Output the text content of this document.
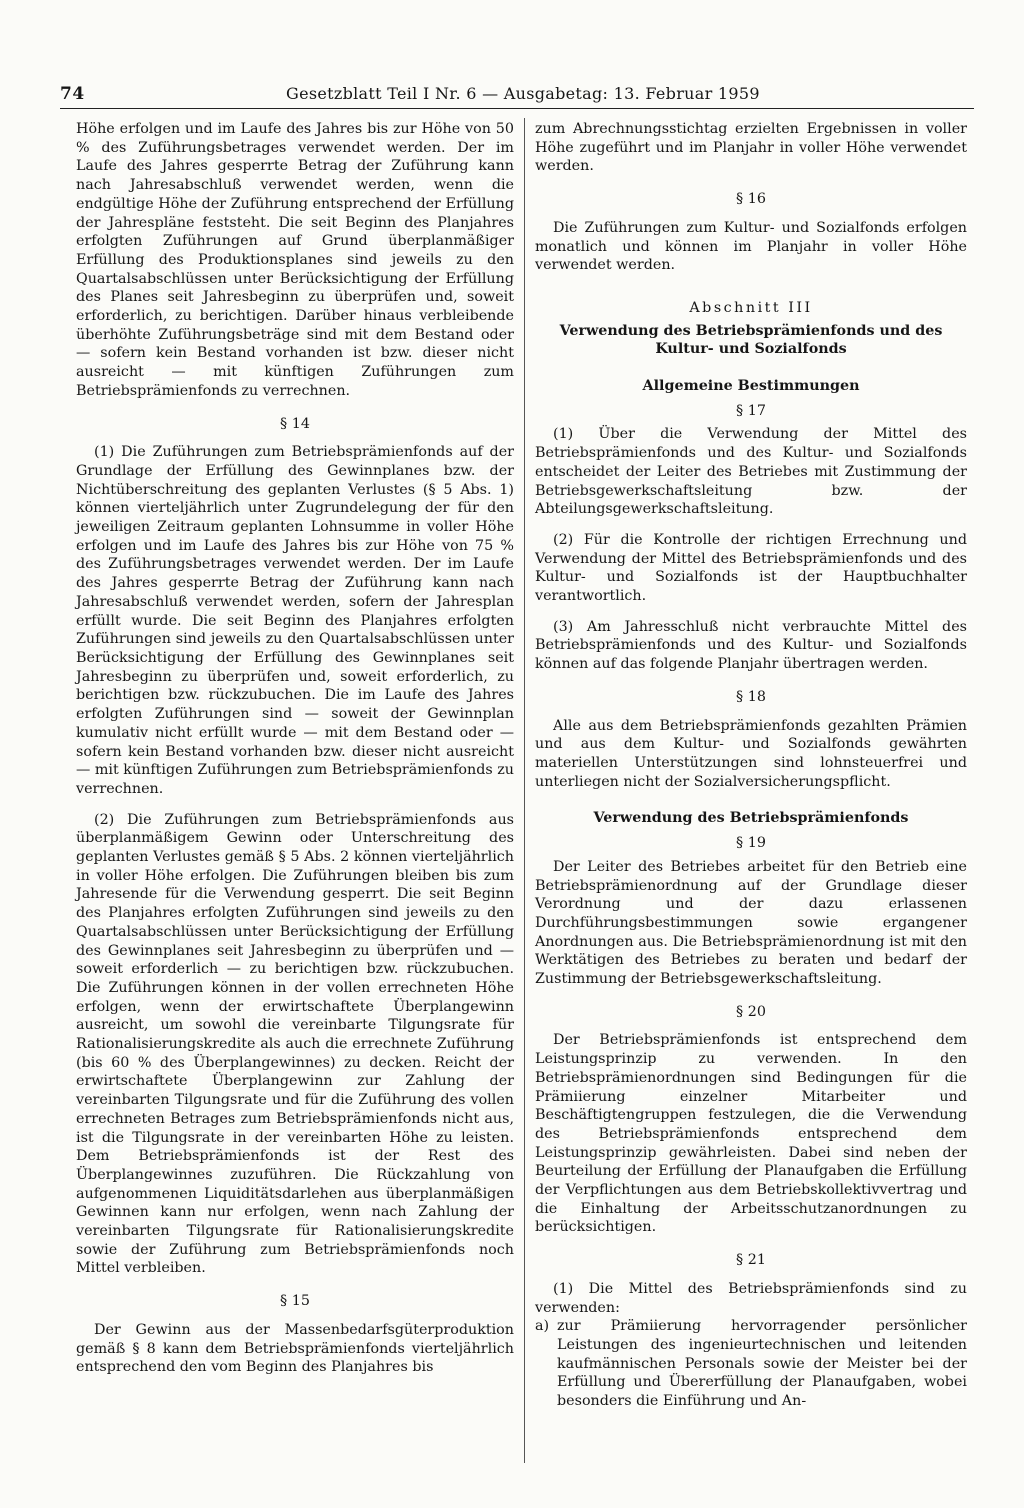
74	Gesetzblatt Teil I Nr. 6 — Ausgabetag: 13. Februar 1959

Höhe erfolgen und im Laufe des Jahres bis zur Höhe von 50 % des Zuführungsbetrages verwendet werden. Der im Laufe des Jahres gesperrte Betrag der Zuführung kann nach Jahresabschluß verwendet werden, wenn die endgültige Höhe der Zuführung entsprechend der Erfüllung der Jahrespläne feststeht. Die seit Beginn des Planjahres erfolgten Zuführungen auf Grund überplanmäßiger Erfüllung des Produktionsplanes sind jeweils zu den Quartalsabschlüssen unter Berücksichtigung der Erfüllung des Planes seit Jahresbeginn zu überprüfen und, soweit erforderlich, zu berichtigen. Darüber hinaus verbleibende überhöhte Zuführungsbeträge sind mit dem Bestand oder — sofern kein Bestand vorhanden ist bzw. dieser nicht ausreicht — mit künftigen Zuführungen zum Betriebsprämienfonds zu verrechnen.

§ 14

(1) Die Zuführungen zum Betriebsprämienfonds auf der Grundlage der Erfüllung des Gewinnplanes bzw. der Nichtüberschreitung des geplanten Verlustes (§ 5 Abs. 1) können vierteljährlich unter Zugrundelegung der für den jeweiligen Zeitraum geplanten Lohnsumme in voller Höhe erfolgen und im Laufe des Jahres bis zur Höhe von 75 % des Zuführungsbetrages verwendet werden. Der im Laufe des Jahres gesperrte Betrag der Zuführung kann nach Jahresabschluß verwendet werden, sofern der Jahresplan erfüllt wurde. Die seit Beginn des Planjahres erfolgten Zuführungen sind jeweils zu den Quartalsabschlüssen unter Berücksichtigung der Erfüllung des Gewinnplanes seit Jahresbeginn zu überprüfen und, soweit erforderlich, zu berichtigen bzw. rückzubuchen. Die im Laufe des Jahres erfolgten Zuführungen sind — soweit der Gewinnplan kumulativ nicht erfüllt wurde — mit dem Bestand oder — sofern kein Bestand vorhanden bzw. dieser nicht ausreicht — mit künftigen Zuführungen zum Betriebsprämienfonds zu verrechnen.

(2) Die Zuführungen zum Betriebsprämienfonds aus überplanmäßigem Gewinn oder Unterschreitung des geplanten Verlustes gemäß § 5 Abs. 2 können vierteljährlich in voller Höhe erfolgen. Die Zuführungen bleiben bis zum Jahresende für die Verwendung gesperrt. Die seit Beginn des Planjahres erfolgten Zuführungen sind jeweils zu den Quartalsabschlüssen unter Berücksichtigung der Erfüllung des Gewinnplanes seit Jahresbeginn zu überprüfen und — soweit erforderlich — zu berichtigen bzw. rückzubuchen. Die Zuführungen können in der vollen errechneten Höhe erfolgen, wenn der erwirtschaftete Überplangewinn ausreicht, um sowohl die vereinbarte Tilgungsrate für Rationalisierungskredite als auch die errechnete Zuführung (bis 60 % des Überplangewinnes) zu decken. Reicht der erwirtschaftete Überplangewinn zur Zahlung der vereinbarten Tilgungsrate und für die Zuführung des vollen errechneten Betrages zum Betriebsprämienfonds nicht aus, ist die Tilgungsrate in der vereinbarten Höhe zu leisten. Dem Betriebsprämienfonds ist der Rest des Überplangewinnes zuzuführen. Die Rückzahlung von aufgenommenen Liquiditätsdarlehen aus überplanmäßigen Gewinnen kann nur erfolgen, wenn nach Zahlung der vereinbarten Tilgungsrate für Rationalisierungskredite sowie der Zuführung zum Betriebsprämienfonds noch Mittel verbleiben.

§ 15

Der Gewinn aus der Massenbedarfsgüterproduktion gemäß § 8 kann dem Betriebsprämienfonds vierteljährlich entsprechend den vom Beginn des Planjahres bis

zum Abrechnungsstichtag erzielten Ergebnissen in voller Höhe zugeführt und im Planjahr in voller Höhe verwendet werden.

§ 16

Die Zuführungen zum Kultur- und Sozialfonds erfolgen monatlich und können im Planjahr in voller Höhe verwendet werden.

Abschnitt III
Verwendung des Betriebsprämienfonds und des Kultur- und Sozialfonds
Allgemeine Bestimmungen
§ 17

(1) Über die Verwendung der Mittel des Betriebsprämienfonds und des Kultur- und Sozialfonds entscheidet der Leiter des Betriebes mit Zustimmung der Betriebsgewerkschaftsleitung bzw. der Abteilungsgewerkschaftsleitung.

(2) Für die Kontrolle der richtigen Errechnung und Verwendung der Mittel des Betriebsprämienfonds und des Kultur- und Sozialfonds ist der Hauptbuchhalter verantwortlich.

(3) Am Jahresschluß nicht verbrauchte Mittel des Betriebsprämienfonds und des Kultur- und Sozialfonds können auf das folgende Planjahr übertragen werden.

§ 18

Alle aus dem Betriebsprämienfonds gezahlten Prämien und aus dem Kultur- und Sozialfonds gewährten materiellen Unterstützungen sind lohnsteuerfrei und unterliegen nicht der Sozialversicherungspflicht.

Verwendung des Betriebsprämienfonds
§ 19

Der Leiter des Betriebes arbeitet für den Betrieb eine Betriebsprämienordnung auf der Grundlage dieser Verordnung und der dazu erlassenen Durchführungsbestimmungen sowie ergangener Anordnungen aus. Die Betriebsprämienordnung ist mit den Werktätigen des Betriebes zu beraten und bedarf der Zustimmung der Betriebsgewerkschaftsleitung.

§ 20

Der Betriebsprämienfonds ist entsprechend dem Leistungsprinzip zu verwenden. In den Betriebsprämienordnungen sind Bedingungen für die Prämiierung einzelner Mitarbeiter und Beschäftigtengruppen festzulegen, die die Verwendung des Betriebsprämienfonds entsprechend dem Leistungsprinzip gewährleisten. Dabei sind neben der Beurteilung der Erfüllung der Planaufgaben die Erfüllung der Verpflichtungen aus dem Betriebskollektivvertrag und die Einhaltung der Arbeitsschutzanordnungen zu berücksichtigen.

§ 21

(1) Die Mittel des Betriebsprämienfonds sind zu verwenden:

a) zur Prämiierung hervorragender persönlicher Leistungen des ingenieurtechnischen und leitenden kaufmännischen Personals sowie der Meister bei der Erfüllung und Übererfüllung der Planaufgaben, wobei besonders die Einführung und An-
